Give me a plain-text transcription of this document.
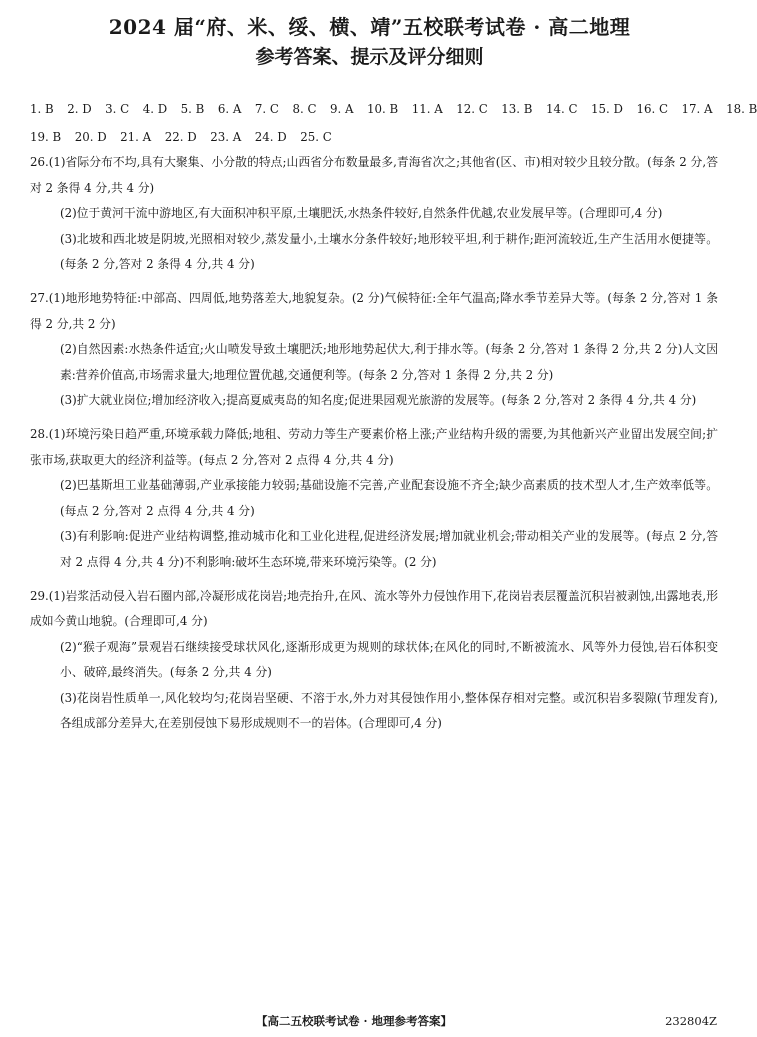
2024 届“府、米、绥、横、靖”五校联考试卷 · 高二地理
参考答案、提示及评分细则
1. B 2. D 3. C 4. D 5. B 6. A 7. C 8. C 9. A 10. B 11. A 12. C 13. B 14. C 15. D 16. C 17. A 18. B
19. B 20. D 21. A 22. D 23. A 24. D 25. C

26.(1)省际分布不均,具有大聚集、小分散的特点;山西省分布数量最多,青海省次之;其他省(区、市)相对较少且较分散。(每条 2 分,答对 2 条得 4 分,共 4 分)

(2)位于黄河干流中游地区,有大面积冲积平原,土壤肥沃,水热条件较好,自然条件优越,农业发展早等。(合理即可,4 分)

(3)北坡和西北坡是阴坡,光照相对较少,蒸发量小,土壤水分条件较好;地形较平坦,利于耕作;距河流较近,生产生活用水便捷等。(每条 2 分,答对 2 条得 4 分,共 4 分)

27.(1)地形地势特征:中部高、四周低,地势落差大,地貌复杂。(2 分)气候特征:全年气温高;降水季节差异大等。(每条 2 分,答对 1 条得 2 分,共 2 分)

(2)自然因素:水热条件适宜;火山喷发导致土壤肥沃;地形地势起伏大,利于排水等。(每条 2 分,答对 1 条得 2 分,共 2 分)人文因素:营养价值高,市场需求量大;地理位置优越,交通便利等。(每条 2 分,答对 1 条得 2 分,共 2 分)

(3)扩大就业岗位;增加经济收入;提高夏威夷岛的知名度;促进果园观光旅游的发展等。(每条 2 分,答对 2 条得 4 分,共 4 分)

28.(1)环境污染日趋严重,环境承载力降低;地租、劳动力等生产要素价格上涨;产业结构升级的需要,为其他新兴产业留出发展空间;扩张市场,获取更大的经济利益等。(每点 2 分,答对 2 点得 4 分,共 4 分)

(2)巴基斯坦工业基础薄弱,产业承接能力较弱;基础设施不完善,产业配套设施不齐全;缺少高素质的技术型人才,生产效率低等。(每点 2 分,答对 2 点得 4 分,共 4 分)

(3)有利影响:促进产业结构调整,推动城市化和工业化进程,促进经济发展;增加就业机会;带动相关产业的发展等。(每点 2 分,答对 2 点得 4 分,共 4 分)不利影响:破坏生态环境,带来环境污染等。(2 分)

29.(1)岩浆活动侵入岩石圈内部,冷凝形成花岗岩;地壳抬升,在风、流水等外力侵蚀作用下,花岗岩表层覆盖沉积岩被剥蚀,出露地表,形成如今黄山地貌。(合理即可,4 分)

(2)“猴子观海”景观岩石继续接受球状风化,逐渐形成更为规则的球状体;在风化的同时,不断被流水、风等外力侵蚀,岩石体积变小、破碎,最终消失。(每条 2 分,共 4 分)

(3)花岗岩性质单一,风化较均匀;花岗岩坚硬、不溶于水,外力对其侵蚀作用小,整体保存相对完整。或沉积岩多裂隙(节理发育),各组成部分差异大,在差别侵蚀下易形成规则不一的岩体。(合理即可,4 分)

【高二五校联考试卷 · 地理参考答案】	232804Z
